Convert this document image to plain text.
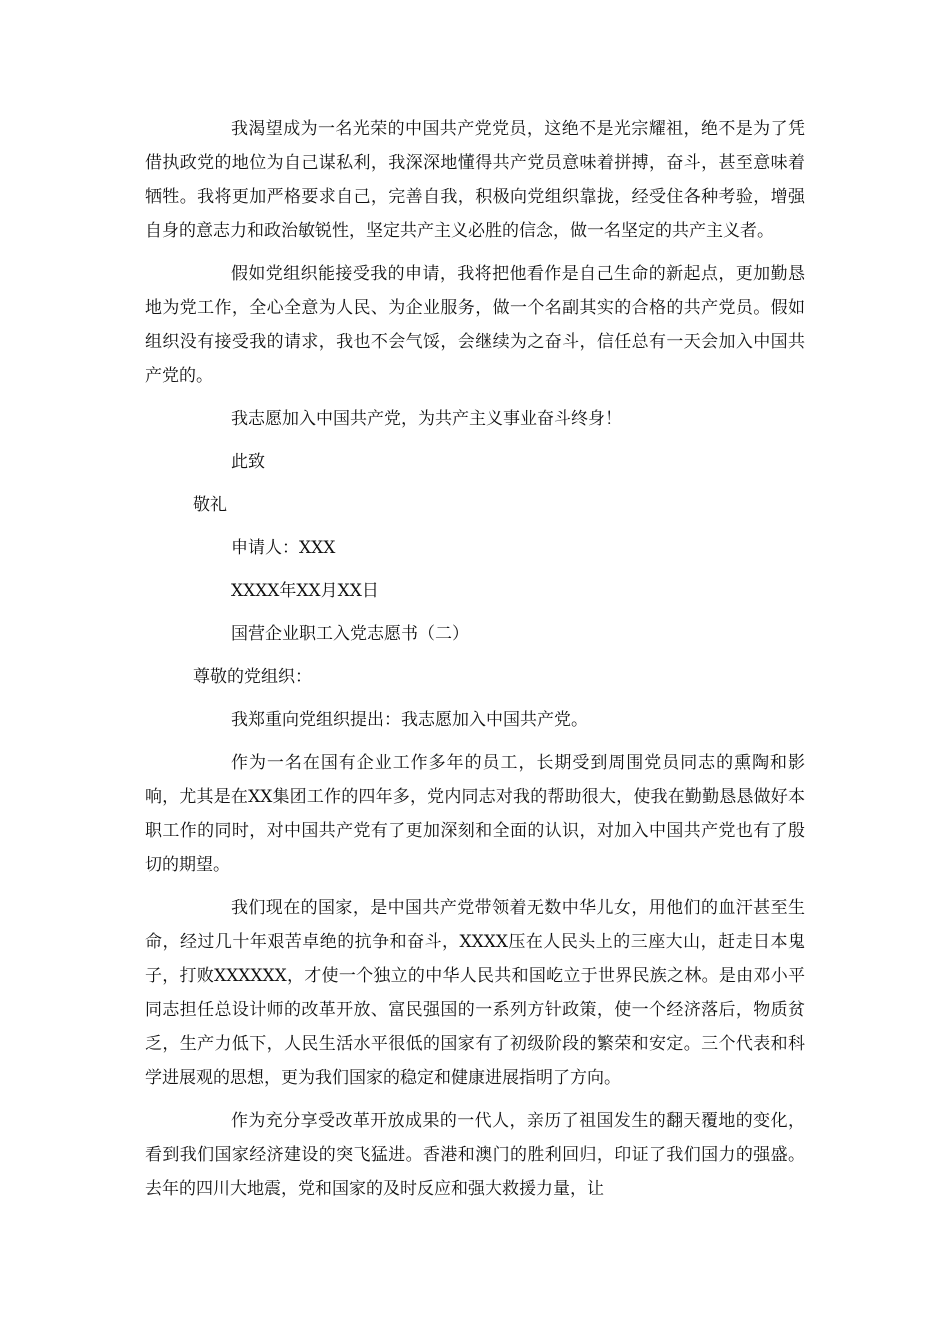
我渴望成为一名光荣的中国共产党党员，这绝不是光宗耀祖，绝不是为了凭借执政党的地位为自己谋私利，我深深地懂得共产党员意味着拼搏，奋斗，甚至意味着牺牲。我将更加严格要求自己，完善自我，积极向党组织靠拢，经受住各种考验，增强自身的意志力和政治敏锐性，坚定共产主义必胜的信念，做一名坚定的共产主义者。

假如党组织能接受我的申请，我将把他看作是自己生命的新起点，更加勤恳地为党工作，全心全意为人民、为企业服务，做一个名副其实的合格的共产党员。假如组织没有接受我的请求，我也不会气馁，会继续为之奋斗，信任总有一天会加入中国共产党的。

我志愿加入中国共产党，为共产主义事业奋斗终身！

此致

敬礼

申请人：XXX

XXXX年XX月XX日

国营企业职工入党志愿书（二）

尊敬的党组织：

我郑重向党组织提出：我志愿加入中国共产党。

作为一名在国有企业工作多年的员工，长期受到周围党员同志的熏陶和影响，尤其是在XX集团工作的四年多，党内同志对我的帮助很大，使我在勤勤恳恳做好本职工作的同时，对中国共产党有了更加深刻和全面的认识，对加入中国共产党也有了殷切的期望。

我们现在的国家，是中国共产党带领着无数中华儿女，用他们的血汗甚至生命，经过几十年艰苦卓绝的抗争和奋斗，XXXX压在人民头上的三座大山，赶走日本鬼子，打败XXXXXX，才使一个独立的中华人民共和国屹立于世界民族之林。是由邓小平同志担任总设计师的改革开放、富民强国的一系列方针政策，使一个经济落后，物质贫乏，生产力低下，人民生活水平很低的国家有了初级阶段的繁荣和安定。三个代表和科学进展观的思想，更为我们国家的稳定和健康进展指明了方向。

作为充分享受改革开放成果的一代人，亲历了祖国发生的翻天覆地的变化，看到我们国家经济建设的突飞猛进。香港和澳门的胜利回归，印证了我们国力的强盛。去年的四川大地震，党和国家的及时反应和强大救援力量，让
